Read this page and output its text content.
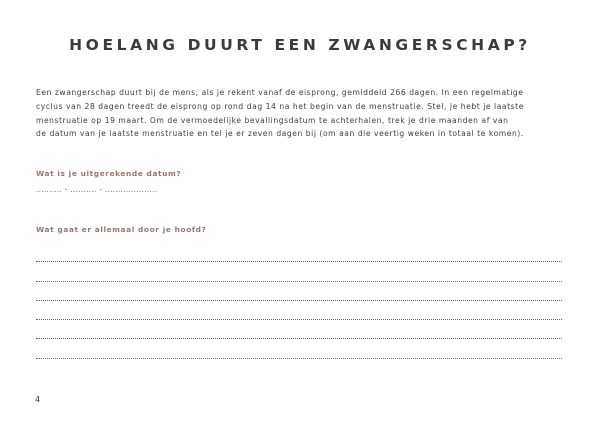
HOELANG DUURT EEN ZWANGERSCHAP?
Een zwangerschap duurt bij de mens, als je rekent vanaf de eisprong, gemiddeld 266 dagen. In een regelmatige
cyclus van 28 dagen treedt de eisprong op rond dag 14 na het begin van de menstruatie. Stel, je hebt je laatste
menstruatie op 19 maart. Om de vermoedelijke bevallingsdatum te achterhalen, trek je drie maanden af van
de datum van je laatste menstruatie en tel je er zeven dagen bij (om aan die veertig weken in totaal te komen).
Wat is je uitgerekende datum?
.......... - .......... - ....................
Wat gaat er allemaal door je hoofd?
4
